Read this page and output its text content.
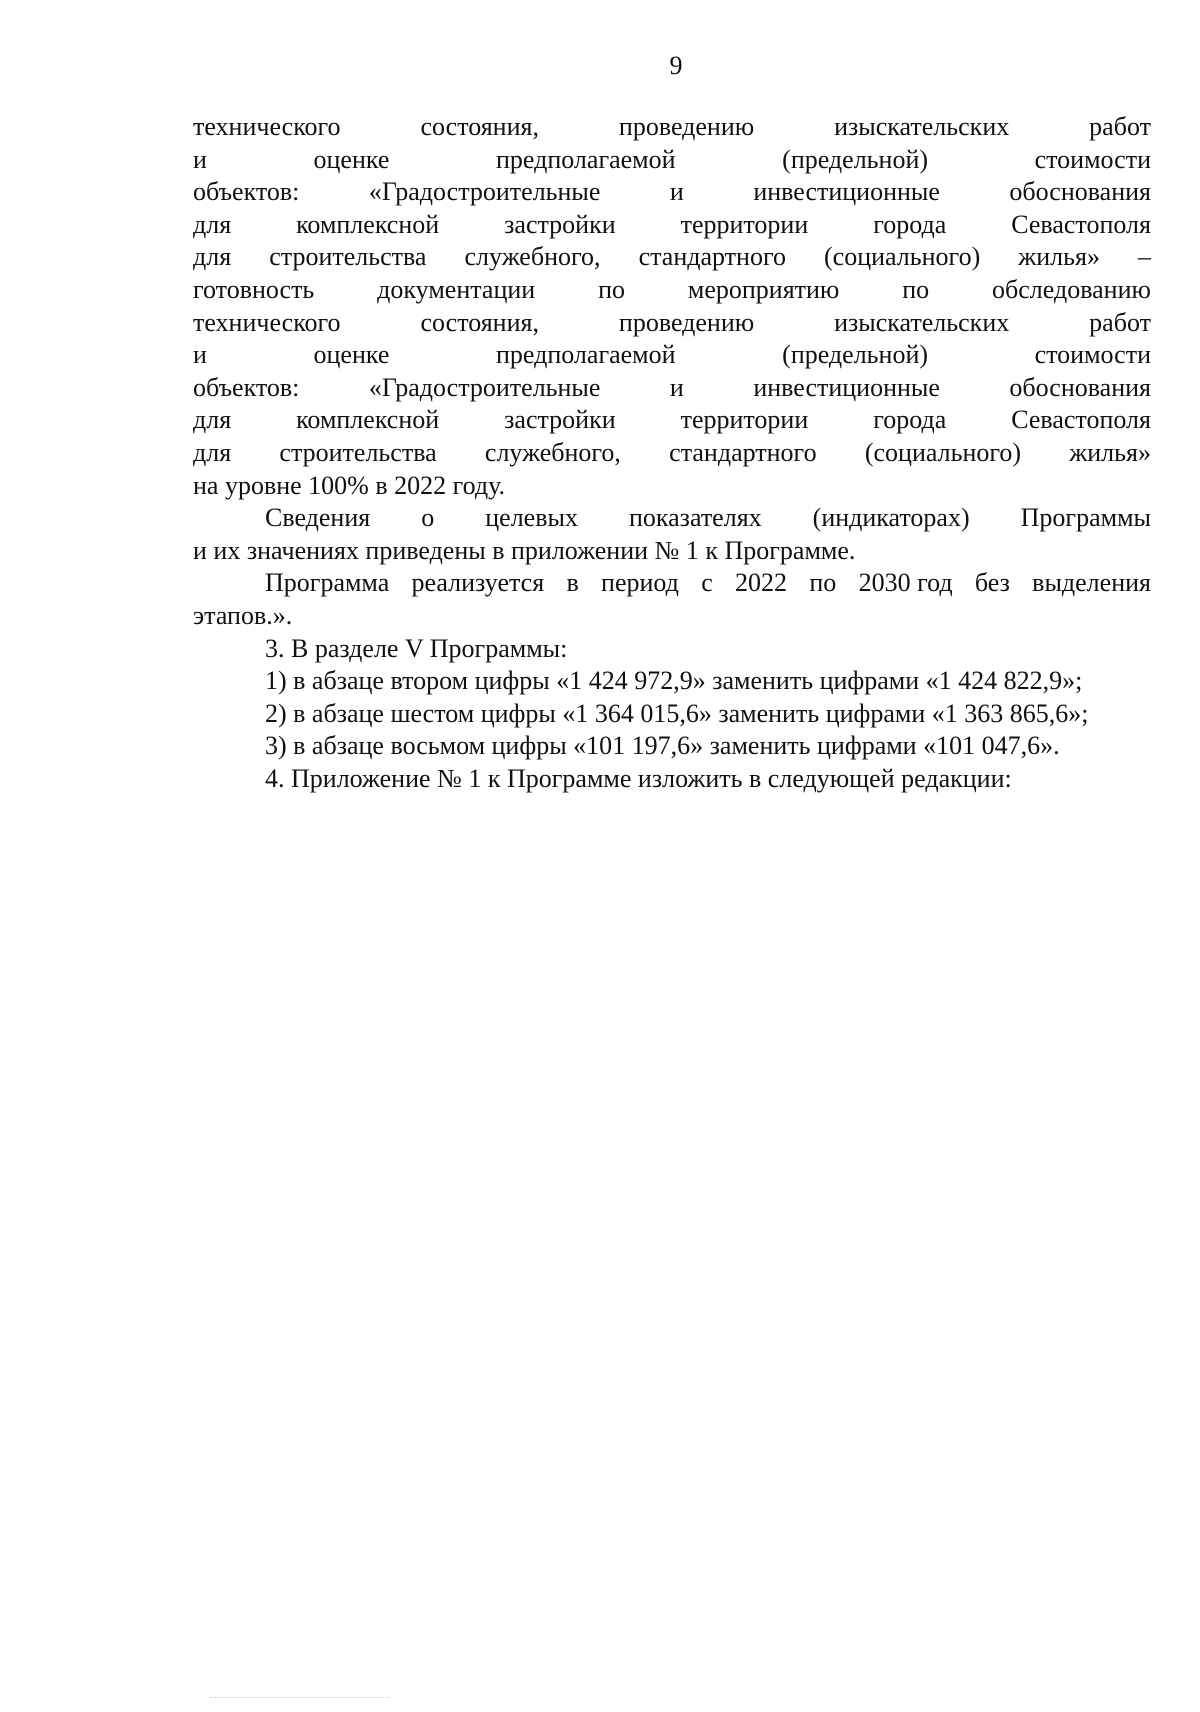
9
технического	состояния,	проведению	изыскательских	работ
и	оценке	предполагаемой	(предельной)	стоимости
объектов:	«Градостроительные	и	инвестиционные	обоснования
для комплексной застройки территории города Севастополя
для строительства служебного, стандартного (социального) жилья» –
готовность документации по мероприятию по обследованию
технического	состояния,	проведению	изыскательских	работ
и	оценке	предполагаемой	(предельной)	стоимости
объектов:	«Градостроительные	и	инвестиционные	обоснования
для комплексной застройки территории города Севастополя
для строительства служебного, стандартного (социального) жилья»
на уровне 100% в 2022 году.
Сведения о целевых показателях (индикаторах) Программы
и их значениях приведены в приложении № 1 к Программе.
Программа реализуется в период с 2022 по 2030 год без выделения
этапов.».
3. В разделе V Программы:
1) в абзаце втором цифры «1 424 972,9» заменить цифрами «1 424 822,9»;
2) в абзаце шестом цифры «1 364 015,6» заменить цифрами «1 363 865,6»;
3) в абзаце восьмом цифры «101 197,6» заменить цифрами «101 047,6».
4. Приложение № 1 к Программе изложить в следующей редакции:
